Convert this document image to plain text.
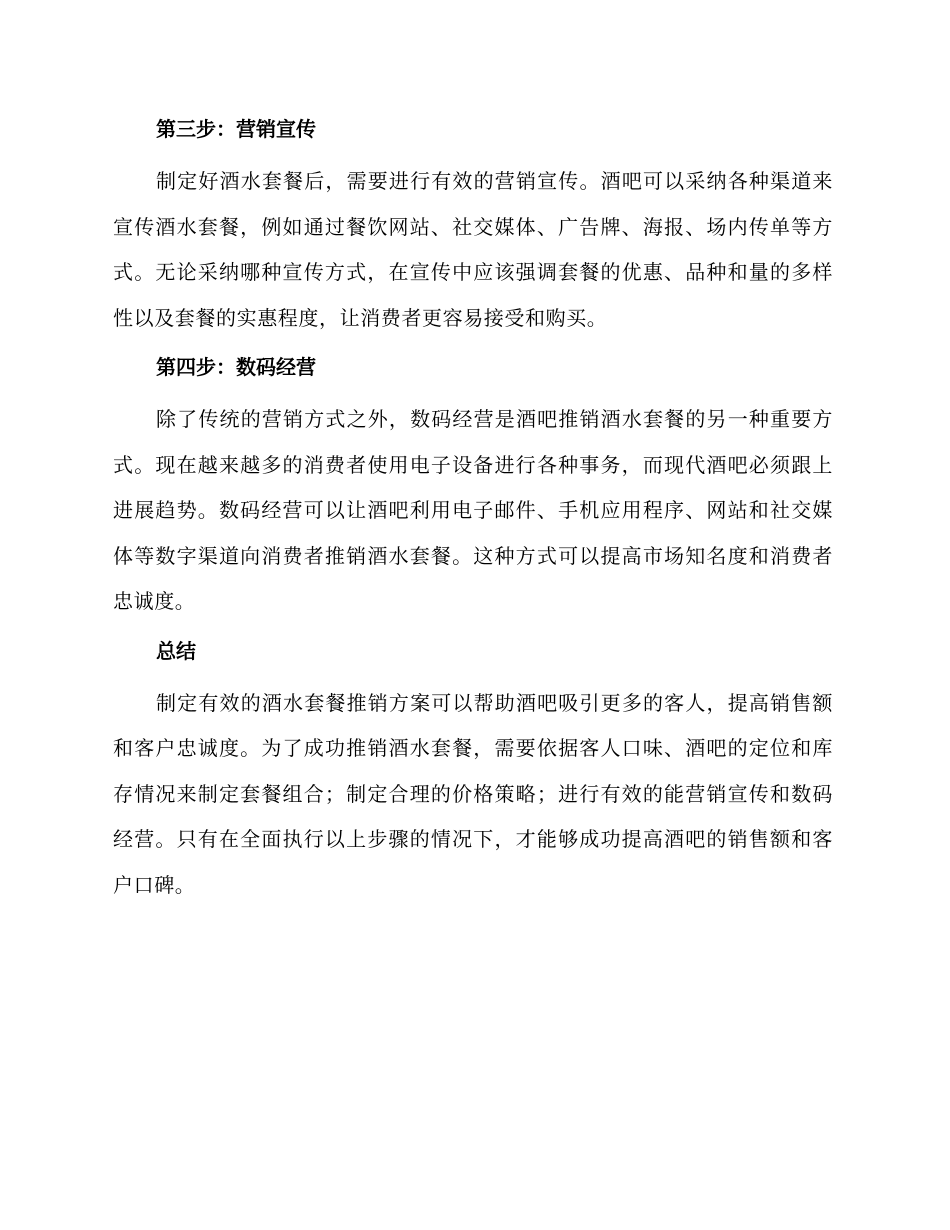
第三步：营销宣传

制定好酒水套餐后，需要进行有效的营销宣传。酒吧可以采纳各种渠道来宣传酒水套餐，例如通过餐饮网站、社交媒体、广告牌、海报、场内传单等方式。无论采纳哪种宣传方式，在宣传中应该强调套餐的优惠、品种和量的多样性以及套餐的实惠程度，让消费者更容易接受和购买。

第四步：数码经营

除了传统的营销方式之外，数码经营是酒吧推销酒水套餐的另一种重要方式。现在越来越多的消费者使用电子设备进行各种事务，而现代酒吧必须跟上进展趋势。数码经营可以让酒吧利用电子邮件、手机应用程序、网站和社交媒体等数字渠道向消费者推销酒水套餐。这种方式可以提高市场知名度和消费者忠诚度。

总结

制定有效的酒水套餐推销方案可以帮助酒吧吸引更多的客人，提高销售额和客户忠诚度。为了成功推销酒水套餐，需要依据客人口味、酒吧的定位和库存情况来制定套餐组合；制定合理的价格策略；进行有效的能营销宣传和数码经营。只有在全面执行以上步骤的情况下，才能够成功提高酒吧的销售额和客户口碑。
